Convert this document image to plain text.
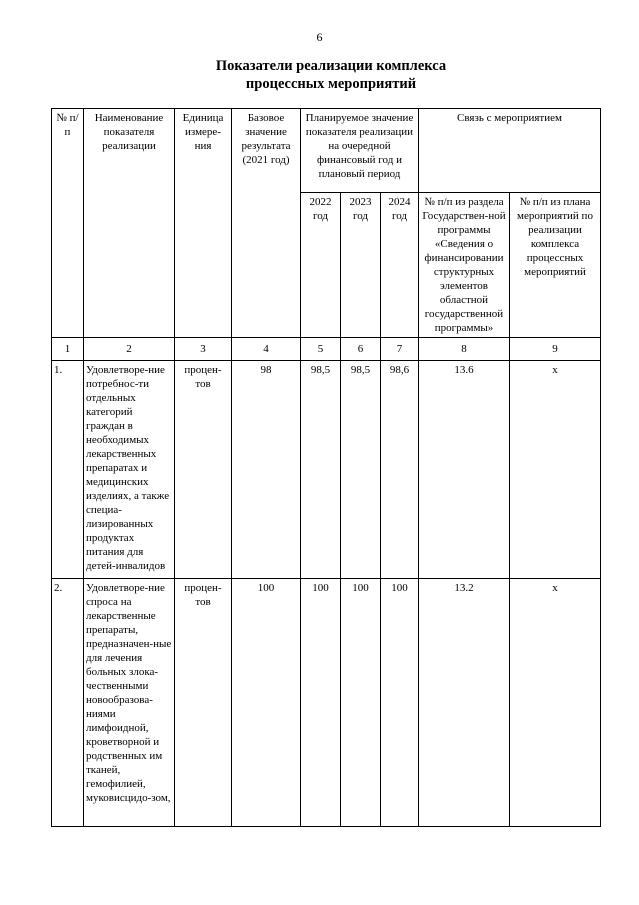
6
Показатели реализации комплекса
процессных мероприятий
№ п/п	Наименование показателя реализации	Единица измере-ния	Базовое значение результата (2021 год)	Планируемое значение показателя реализации на очередной финансовый год и плановый период			Связь с мероприятием	
				2022 год	2023 год	2024 год	№ п/п из раздела Государствен-ной программы «Сведения о финансировании структурных элементов областной государственной программы»	№ п/п из плана мероприятий по реализации комплекса процессных мероприятий
1	2	3	4	5	6	7	8	9
1.	Удовлетворе-ние потребнос-ти отдельных категорий граждан в необходимых лекарственных препаратах и медицинских изделиях, а также специа-лизированных продуктах питания для детей-инвалидов	процен-тов	98	98,5	98,5	98,6	13.6	х
2.	Удовлетворе-ние спроса на лекарственные препараты, предназначен-ные для лечения больных злока-чественными новообразова-ниями лимфоидной, кроветворной и родственных им тканей, гемофилией, муковисцидо-зом,	процен-тов	100	100	100	100	13.2	х
